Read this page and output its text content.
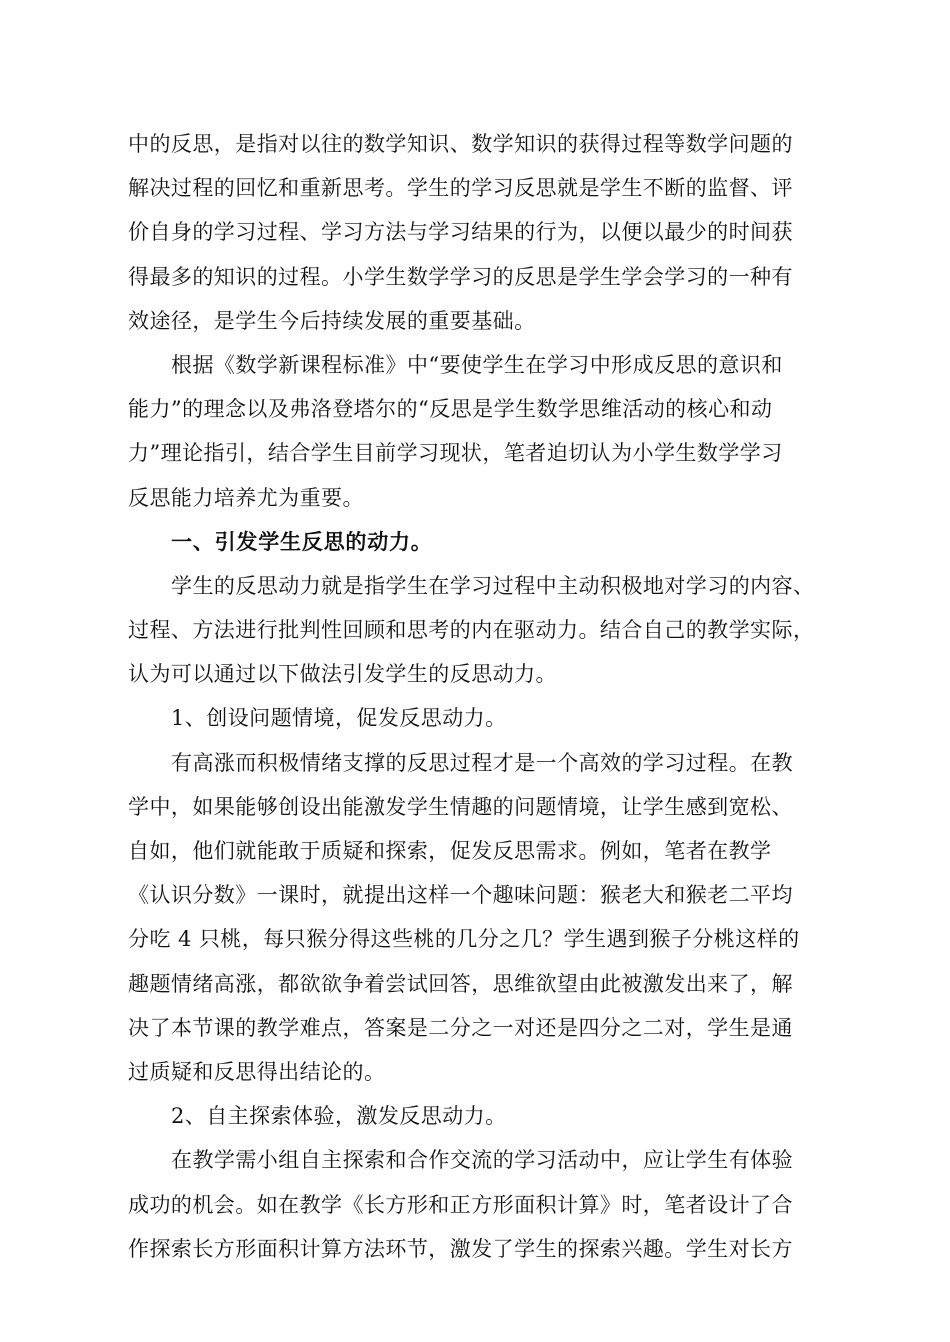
中的反思，是指对以往的数学知识、数学知识的获得过程等数学问题的
解决过程的回忆和重新思考。学生的学习反思就是学生不断的监督、评
价自身的学习过程、学习方法与学习结果的行为，以便以最少的时间获
得最多的知识的过程。小学生数学学习的反思是学生学会学习的一种有
效途径，是学生今后持续发展的重要基础。
根据《数学新课程标准》中“要使学生在学习中形成反思的意识和
能力”的理念以及弗洛登塔尔的“反思是学生数学思维活动的核心和动
力”理论指引，结合学生目前学习现状，笔者迫切认为小学生数学学习
反思能力培养尤为重要。
一、引发学生反思的动力。
学生的反思动力就是指学生在学习过程中主动积极地对学习的内容、
过程、方法进行批判性回顾和思考的内在驱动力。结合自己的教学实际，
认为可以通过以下做法引发学生的反思动力。
1、创设问题情境，促发反思动力。
有高涨而积极情绪支撑的反思过程才是一个高效的学习过程。在教
学中，如果能够创设出能激发学生情趣的问题情境，让学生感到宽松、
自如，他们就能敢于质疑和探索，促发反思需求。例如，笔者在教学
《认识分数》一课时，就提出这样一个趣味问题：猴老大和猴老二平均
分吃 4 只桃，每只猴分得这些桃的几分之几？学生遇到猴子分桃这样的
趣题情绪高涨，都欲欲争着尝试回答，思维欲望由此被激发出来了，解
决了本节课的教学难点，答案是二分之一对还是四分之二对，学生是通
过质疑和反思得出结论的。
2、自主探索体验，激发反思动力。
在教学需小组自主探索和合作交流的学习活动中，应让学生有体验
成功的机会。如在教学《长方形和正方形面积计算》时，笔者设计了合
作探索长方形面积计算方法环节，激发了学生的探索兴趣。学生对长方
